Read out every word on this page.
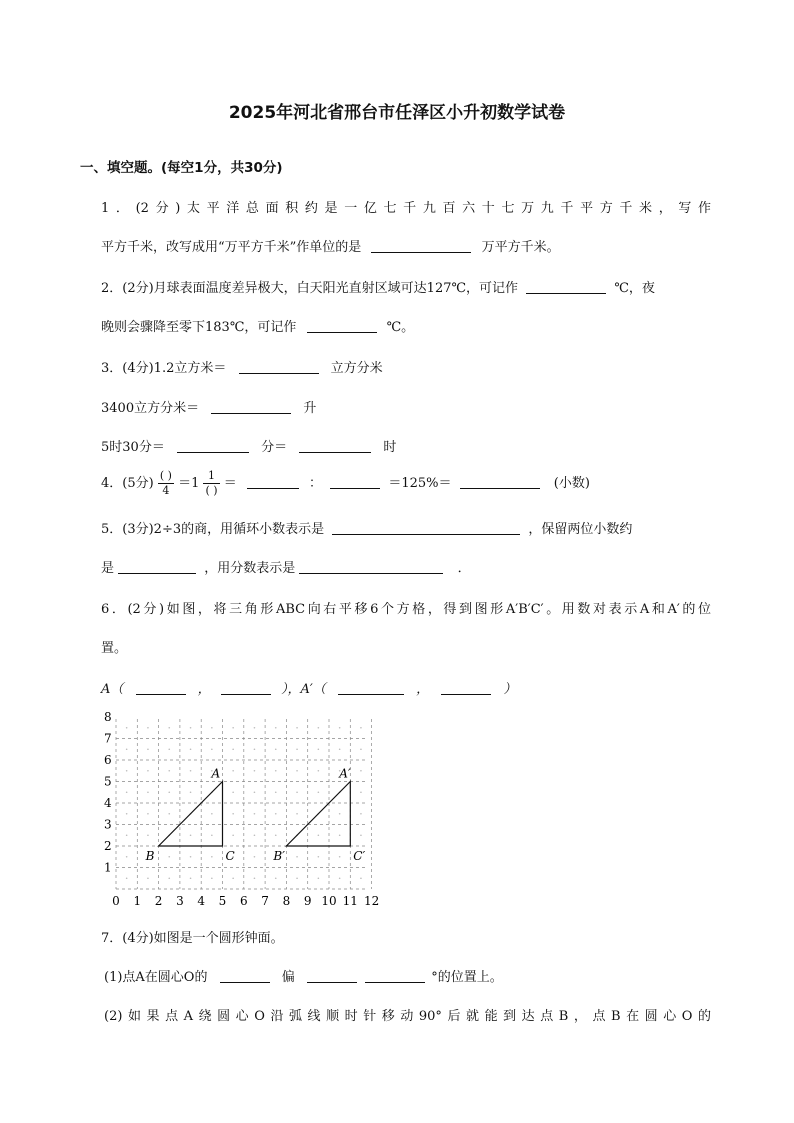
2025年河北省邢台市任泽区小升初数学试卷
一、填空题。(每空1分，共30分)
1．(2分)太平洋总面积约是一亿七千九百六十七万九千平方千米，写作
平方千米，改写成用“万平方千米”作单位的是	万平方千米。
2．(2分)月球表面温度差异极大，白天阳光直射区域可达127℃，可记作	℃，夜
晚则会骤降至零下183℃，可记作	℃。
3．(4分)1.2立方米＝	立方分米
3400立方分米＝	升
5时30分＝	分＝	时
4．(5分) $\frac{( )}{4} =1 \frac{1}{( )}$ ＝	：	＝125%＝	(小数)
5．(3分)2÷3的商，用循环小数表示是	，保留两位小数约
是	，用分数表示是	．
6．(2分)如图，将三角形ABC向右平移6个方格，得到图形A′B′C′。用数对表示A和A′的位
置。
A（	，	），A′（	，	）
0 1 2 3 4 5 6 7 8 9 10 11 12
1
2
3
4
5
6
7
8
A
B	C
A′
B′	C′
7．(4分)如图是一个圆形钟面。
(1)点A在圆心O的	偏	°的位置上。
(2)如果点A绕圆心O沿弧线顺时针移动90°后就能到达点B，点B在圆心O的
